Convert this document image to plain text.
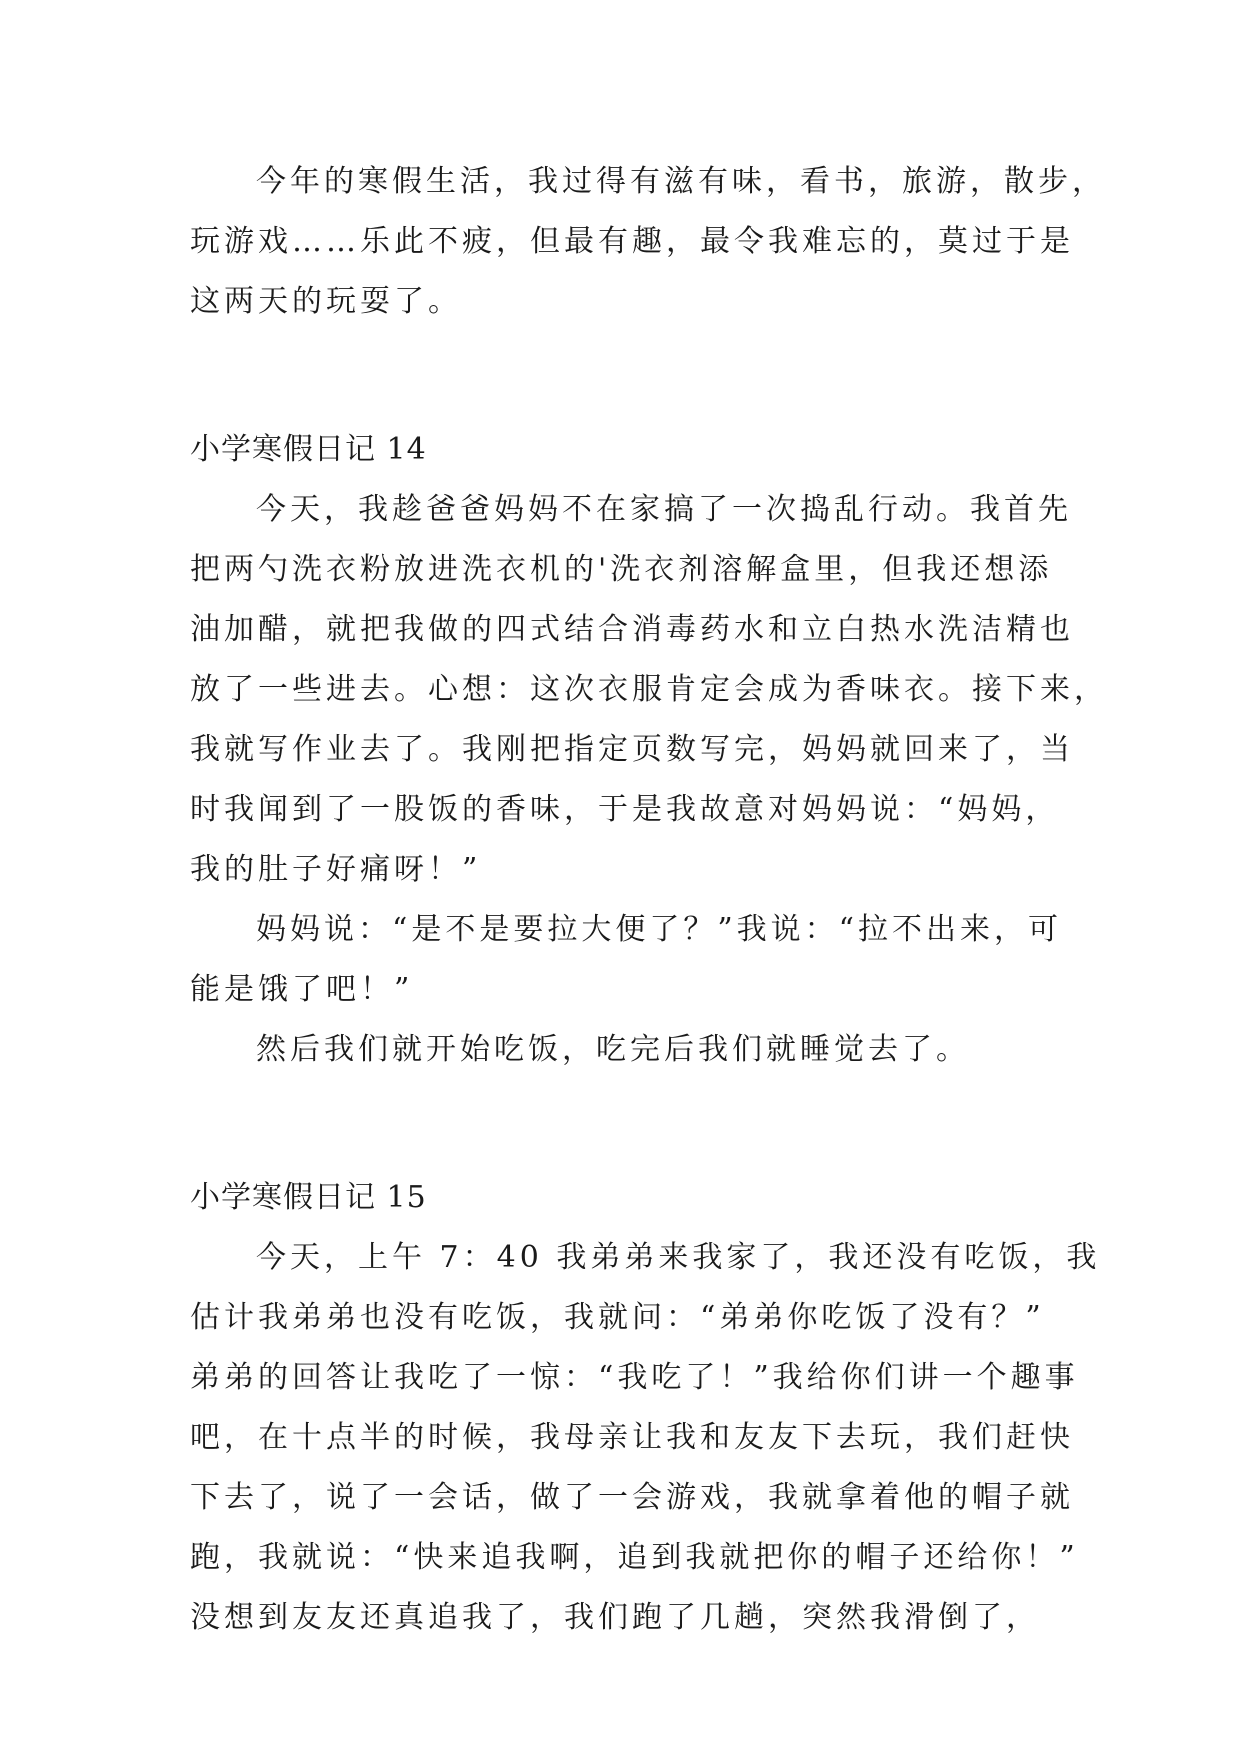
今年的寒假生活，我过得有滋有味，看书，旅游，散步，
玩游戏……乐此不疲，但最有趣，最令我难忘的，莫过于是
这两天的玩耍了。
小学寒假日记 14
今天，我趁爸爸妈妈不在家搞了一次捣乱行动。我首先
把两勺洗衣粉放进洗衣机的'洗衣剂溶解盒里，但我还想添
油加醋，就把我做的四式结合消毒药水和立白热水洗洁精也
放了一些进去。心想：这次衣服肯定会成为香味衣。接下来，
我就写作业去了。我刚把指定页数写完，妈妈就回来了，当
时我闻到了一股饭的香味，于是我故意对妈妈说：“妈妈，
我的肚子好痛呀！”
妈妈说：“是不是要拉大便了？”我说：“拉不出来，可
能是饿了吧！”
然后我们就开始吃饭，吃完后我们就睡觉去了。
小学寒假日记 15
今天，上午 7：40 我弟弟来我家了，我还没有吃饭，我
估计我弟弟也没有吃饭，我就问：“弟弟你吃饭了没有？”
弟弟的回答让我吃了一惊：“我吃了！”我给你们讲一个趣事
吧，在十点半的时候，我母亲让我和友友下去玩，我们赶快
下去了，说了一会话，做了一会游戏，我就拿着他的帽子就
跑，我就说：“快来追我啊，追到我就把你的帽子还给你！”
没想到友友还真追我了，我们跑了几趟，突然我滑倒了，
